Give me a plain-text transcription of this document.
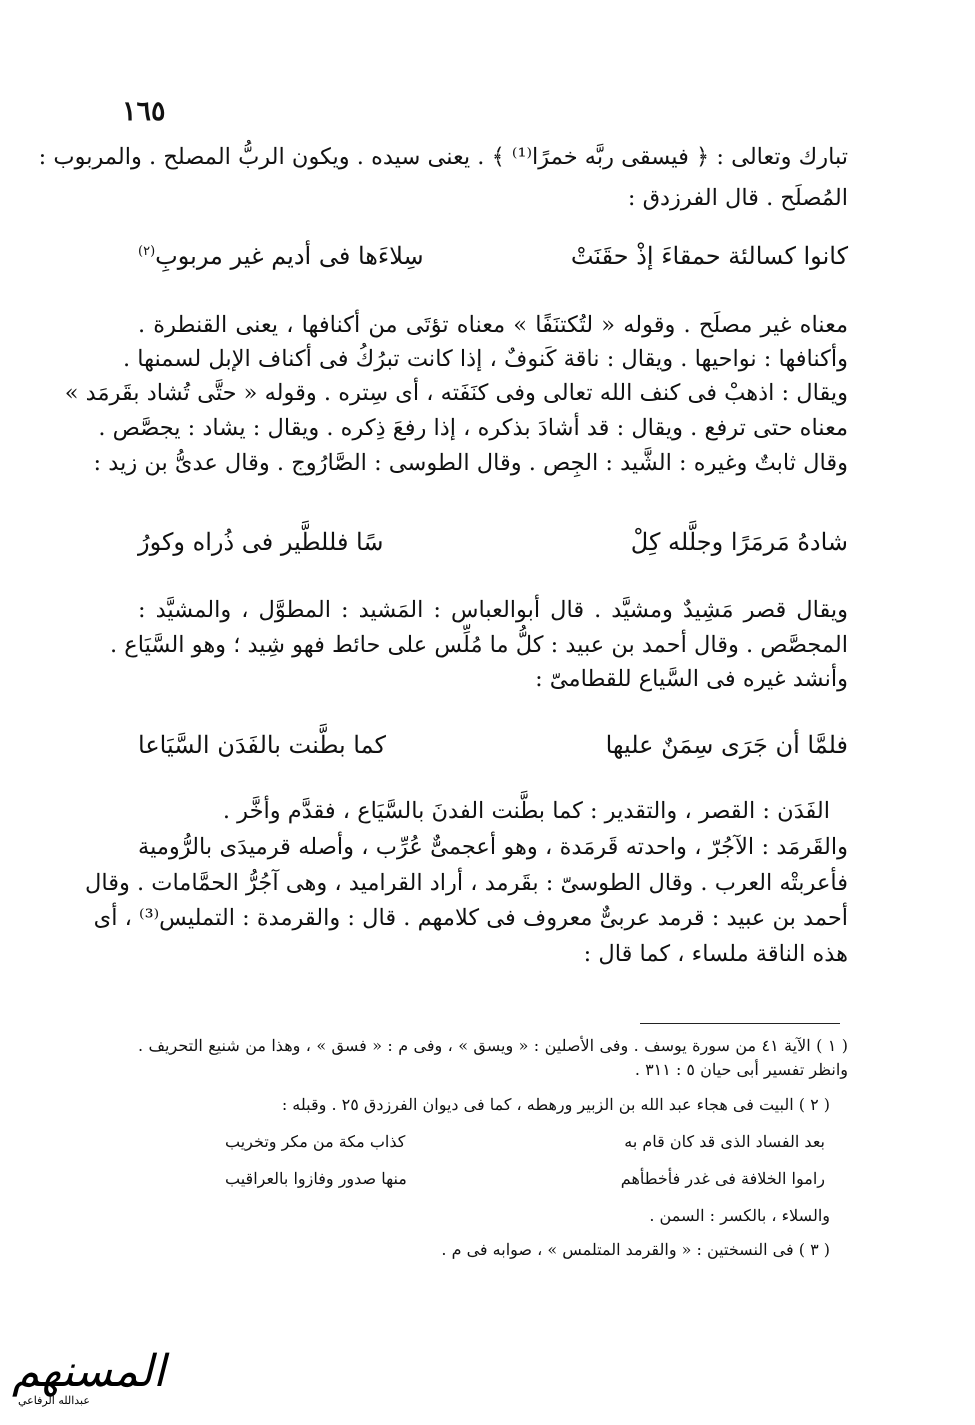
١٦٥
تبارك وتعالى : ﴿ فيسقى ربَّه خمرًا⁽¹⁾ ﴾ . يعنى سيده . ويكون الربُّ المصلح . والمربوب :
المُصلَح . قال الفرزدق :
كانوا كسالئة حمقاءَ إذْ حقَنَتْ
سِلاءَها فى أديم غير مربوبِ$^{(٢)}$
معناه غير مصلَح . وقوله « لتُكتنَفًا » معناه تؤتَى من أكنافها ، يعنى القنطرة .
وأكنافها : نواحيها . ويقال : ناقة كَنوفٌ ، إذا كانت تبرُكُ فى أكناف الإبل لسمنها .
ويقال : اذهبْ فى كنف الله تعالى وفى كنَفَته ، أى سِتره . وقوله « حتَّى تُشاد بقَرمَد »
معناه حتى ترفع . ويقال : قد أشادَ بذكره ، إذا رفعَ ذِكره . ويقال : يشاد : يجصَّص .
وقال ثابتٌ وغيره : الشَّيد : الجِص . وقال الطوسى : الصَّارُوج . وقال عدىُّ بن زيد :
شادهُ مَرمَرًا وجلَّله كِلْ
سًا فللطَّير فى ذُراه وكورُ
ويقال قصر مَشِيدٌ ومشيَّد . قال أبوالعباس : المَشيد : المطوَّل ، والمشيَّد :
المجصَّص . وقال أحمد بن عبيد : كلُّ ما مُلِّس على حائط فهو شِيد ؛ وهو السَّيَاع .
وأنشد غيره فى السَّياع للقطامىّ :
فلمَّا أن جَرَى سِمَنٌ عليها
كما بطَّنت بالفَدَن السَّيَاعا
الفَدَن : القصر ، والتقدير : كما بطَّنت الفدنَ بالسَّيَاع ، فقدَّم وأخَّر .
والقَرمَد : الآجُرّ ، واحدته قَرمَدة ، وهو أعجمىٌّ عُرِّب ، وأصله قرميدَى بالرُّومية
فأعربتْه العرب . وقال الطوسىّ : بقَرمد ، أراد القراميد ، وهى آجُرُّ الحمَّامات . وقال
أحمد بن عبيد : قرمد عربىٌّ معروف فى كلامهم . قال : والقرمدة : التمليس⁽³⁾ ، أى
هذه الناقة ملساء ، كما قال :
( ١ ) الآية ٤١ من سورة يوسف . وفى الأصلين : « ويسق » ، وفى م : « فسق » ، وهذا من شنيع التحريف .
وانظر تفسير أبى حيان ٥ : ٣١١ .
( ٢ ) البيت فى هجاء عبد الله بن الزبير ورهطه ، كما فى ديوان الفرزدق ٢٥ . وقبله :
بعد الفساد الذى قد كان قام به
كذاب مكة من مكر وتخريب
راموا الخلافة فى غدر فأخطأهم
منها صدور وفازوا بالعراقيب
والسلاء ، بالكسر : السمن .
( ٣ ) فى النسختين : « والقرمد المتلمس » ، صوابه فى م .
المسنهم
عبدالله الرفاعي
